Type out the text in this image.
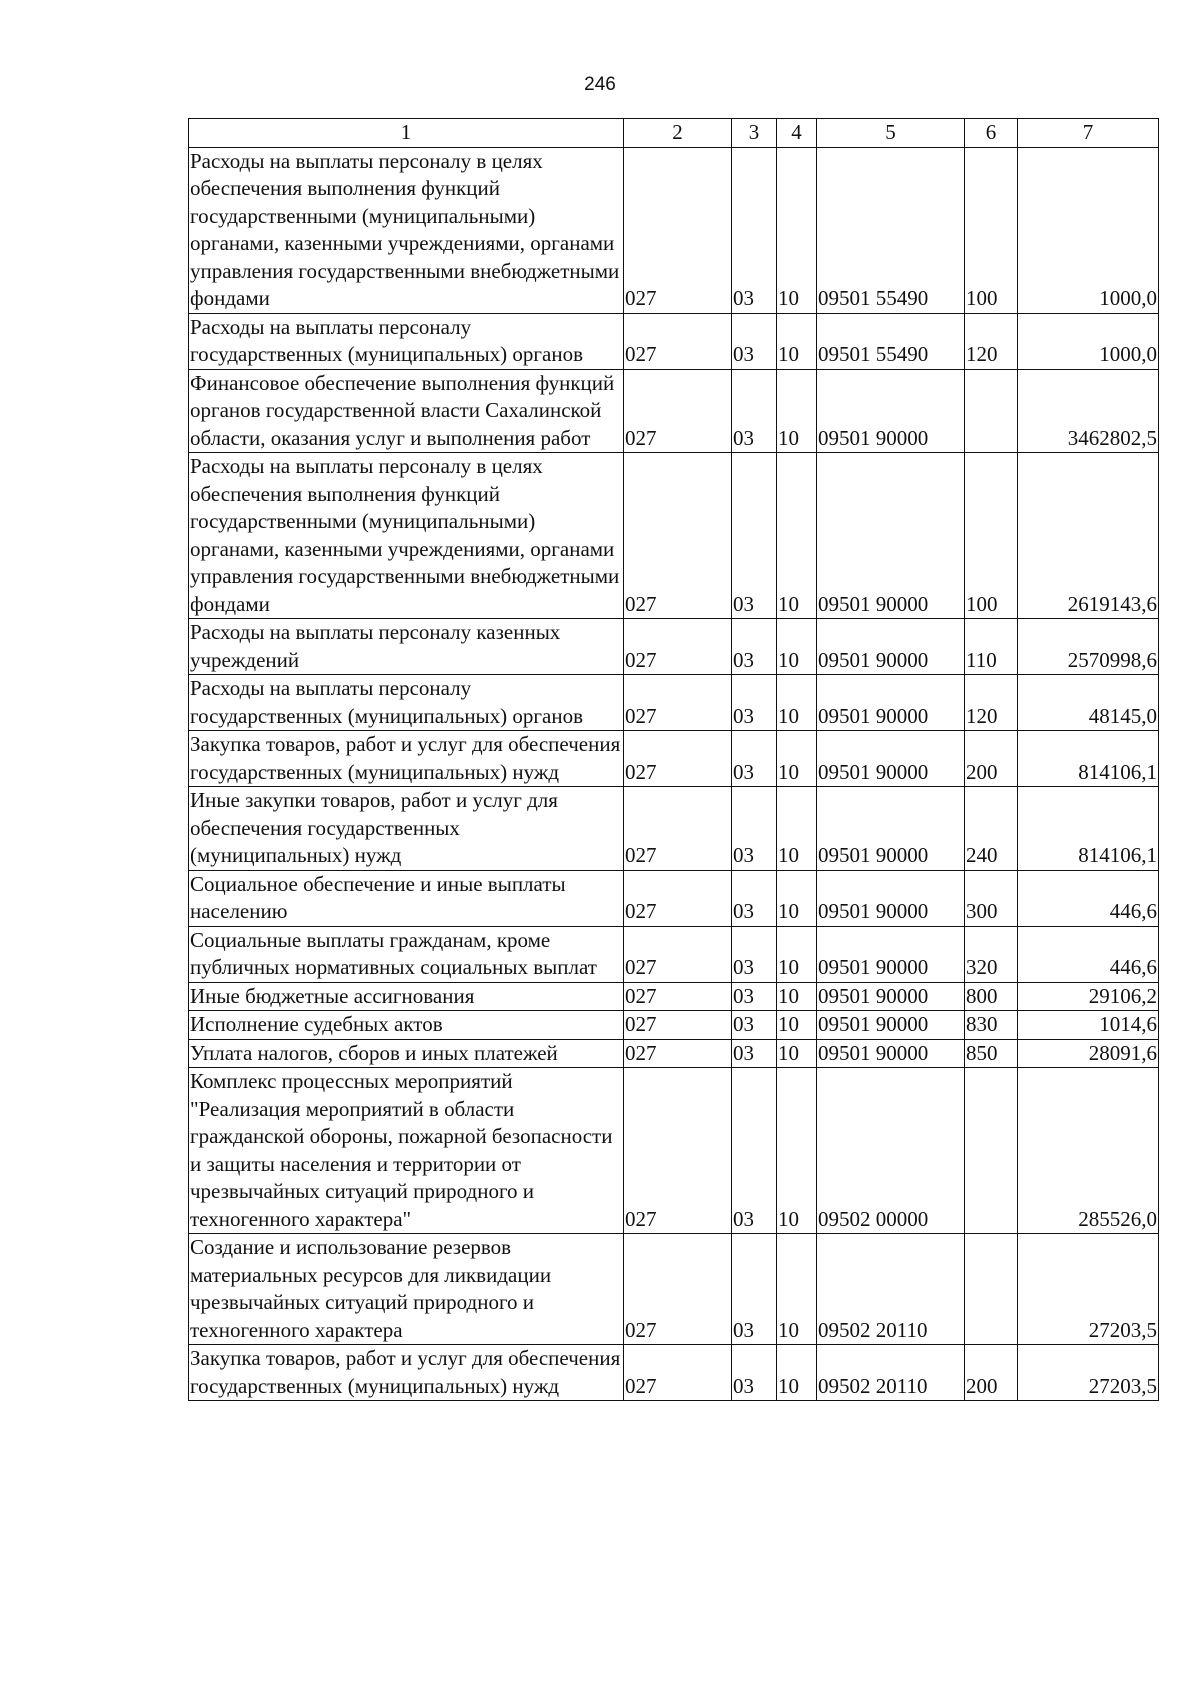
246
1	2	3	4	5	6	7
Расходы на выплаты персоналу в целях обеспечения выполнения функций государственными (муниципальными) органами, казенными учреждениями, органами управления государственными внебюджетными фондами	027	03	10	09501 55490	100	1000,0
Расходы на выплаты персоналу государственных (муниципальных) органов	027	03	10	09501 55490	120	1000,0
Финансовое обеспечение выполнения функций органов государственной власти Сахалинской области, оказания услуг и выполнения работ	027	03	10	09501 90000		3462802,5
Расходы на выплаты персоналу в целях обеспечения выполнения функций государственными (муниципальными) органами, казенными учреждениями, органами управления государственными внебюджетными фондами	027	03	10	09501 90000	100	2619143,6
Расходы на выплаты персоналу казенных учреждений	027	03	10	09501 90000	110	2570998,6
Расходы на выплаты персоналу государственных (муниципальных) органов	027	03	10	09501 90000	120	48145,0
Закупка товаров, работ и услуг для обеспечения государственных (муниципальных) нужд	027	03	10	09501 90000	200	814106,1
Иные закупки товаров, работ и услуг для обеспечения государственных (муниципальных) нужд	027	03	10	09501 90000	240	814106,1
Социальное обеспечение и иные выплаты населению	027	03	10	09501 90000	300	446,6
Социальные выплаты гражданам, кроме публичных нормативных социальных выплат	027	03	10	09501 90000	320	446,6
Иные бюджетные ассигнования	027	03	10	09501 90000	800	29106,2
Исполнение судебных актов	027	03	10	09501 90000	830	1014,6
Уплата налогов, сборов и иных платежей	027	03	10	09501 90000	850	28091,6
Комплекс процессных мероприятий "Реализация мероприятий в области гражданской обороны, пожарной безопасности и защиты населения и территории от чрезвычайных ситуаций природного и техногенного характера"	027	03	10	09502 00000		285526,0
Создание и использование резервов материальных ресурсов для ликвидации чрезвычайных ситуаций природного и техногенного характера	027	03	10	09502 20110		27203,5
Закупка товаров, работ и услуг для обеспечения государственных (муниципальных) нужд	027	03	10	09502 20110	200	27203,5
